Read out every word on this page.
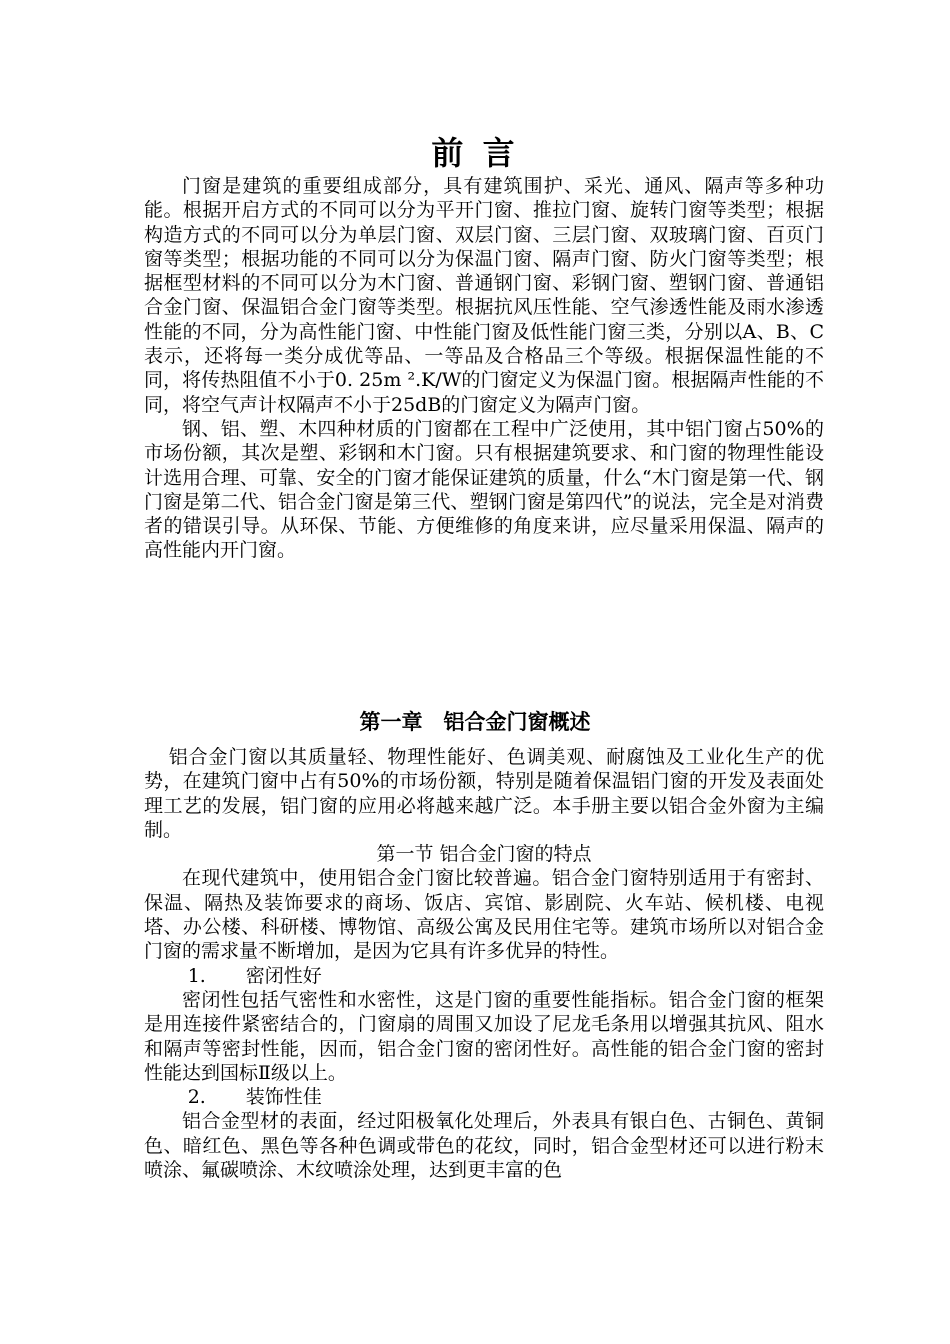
前 言

门窗是建筑的重要组成部分，具有建筑围护、采光、通风、隔声等多种功能。根据开启方式的不同可以分为平开门窗、推拉门窗、旋转门窗等类型；根据构造方式的不同可以分为单层门窗、双层门窗、三层门窗、双玻璃门窗、百页门窗等类型；根据功能的不同可以分为保温门窗、隔声门窗、防火门窗等类型；根据框型材料的不同可以分为木门窗、普通钢门窗、彩钢门窗、塑钢门窗、普通铝合金门窗、保温铝合金门窗等类型。根据抗风压性能、空气渗透性能及雨水渗透性能的不同，分为高性能门窗、中性能门窗及低性能门窗三类，分别以A、B、C表示，还将每一类分成优等品、一等品及合格品三个等级。根据保温性能的不同，将传热阻值不小于0. 25m ².K/W的门窗定义为保温门窗。根据隔声性能的不同，将空气声计权隔声不小于25dB的门窗定义为隔声门窗。

钢、铝、塑、木四种材质的门窗都在工程中广泛使用，其中铝门窗占50%的市场份额，其次是塑、彩钢和木门窗。只有根据建筑要求、和门窗的物理性能设计选用合理、可靠、安全的门窗才能保证建筑的质量，什么“木门窗是第一代、钢门窗是第二代、铝合金门窗是第三代、塑钢门窗是第四代”的说法，完全是对消费者的错误引导。从环保、节能、方便维修的角度来讲，应尽量采用保温、隔声的高性能内开门窗。

第一章　铝合金门窗概述

铝合金门窗以其质量轻、物理性能好、色调美观、耐腐蚀及工业化生产的优势，在建筑门窗中占有50%的市场份额，特别是随着保温铝门窗的开发及表面处理工艺的发展，铝门窗的应用必将越来越广泛。本手册主要以铝合金外窗为主编制。

第一节 铝合金门窗的特点

在现代建筑中，使用铝合金门窗比较普遍。铝合金门窗特别适用于有密封、保温、隔热及装饰要求的商场、饭店、宾馆、影剧院、火车站、候机楼、电视塔、办公楼、科研楼、博物馆、高级公寓及民用住宅等。建筑市场所以对铝合金门窗的需求量不断增加，是因为它具有许多优异的特性。

1. 密闭性好

密闭性包括气密性和水密性，这是门窗的重要性能指标。铝合金门窗的框架是用连接件紧密结合的，门窗扇的周围又加设了尼龙毛条用以增强其抗风、阻水和隔声等密封性能，因而，铝合金门窗的密闭性好。高性能的铝合金门窗的密封性能达到国标Ⅱ级以上。

2. 装饰性佳

铝合金型材的表面，经过阳极氧化处理后，外表具有银白色、古铜色、黄铜色、暗红色、黑色等各种色调或带色的花纹，同时，铝合金型材还可以进行粉末喷涂、氟碳喷涂、木纹喷涂处理，达到更丰富的色
